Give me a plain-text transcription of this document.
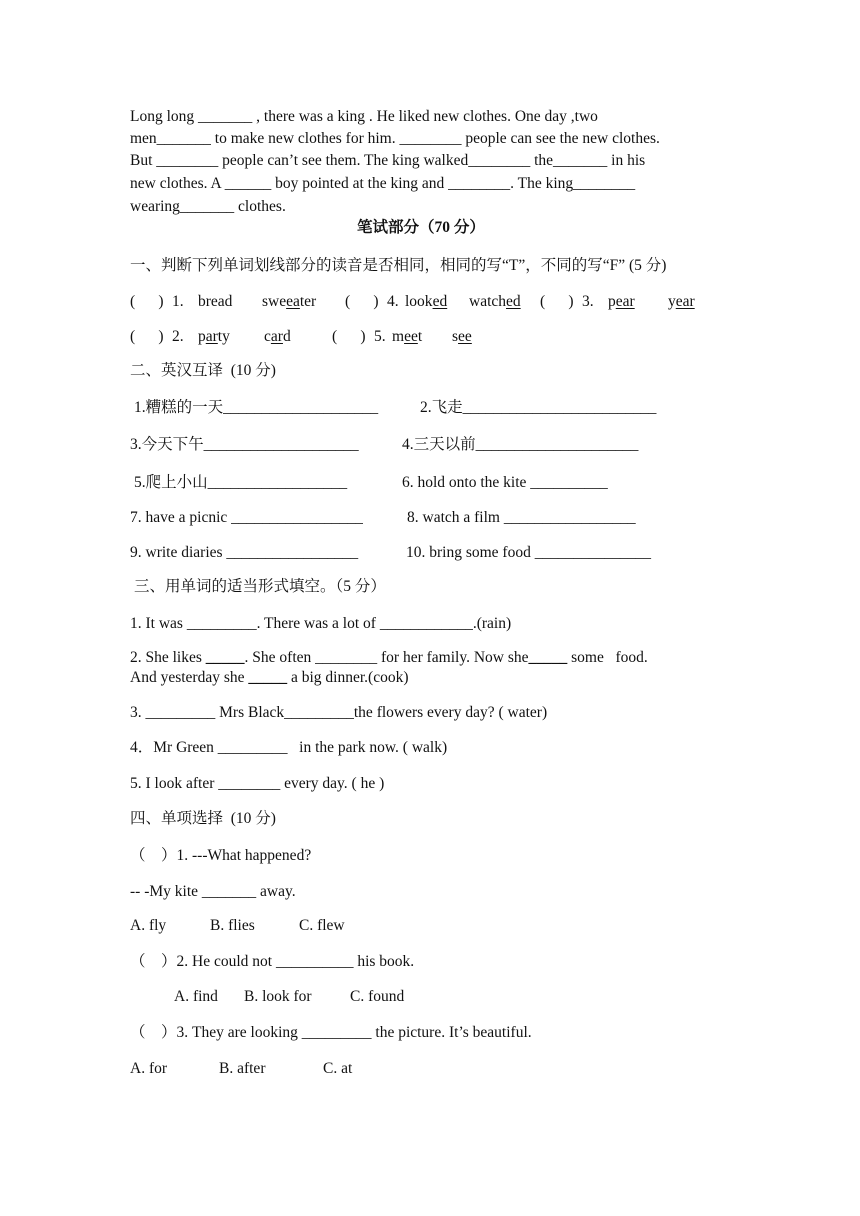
Long long _______ , there was a king . He liked new clothes. One day ,two
men_______ to make new clothes for him. ________ people can see the new clothes.
But ________ people can’t see them. The king walked________ the_______ in his
new clothes. A ______ boy pointed at the king and ________. The king________
wearing_______ clothes.
笔试部分（70 分）
一、判断下列单词划线部分的读音是否相同，相同的写“T”，不同的写“F” (5 分)
(      ) 1. bread sweeater (      ) 4. looked watched (      ) 3. pear year
(      ) 2. party card	(      ) 5. meet see
二、英汉互译  (10 分)
1.糟糕的一天____________________	2.飞走_________________________
3.今天下午____________________	4.三天以前_____________________
5.爬上小山__________________	6. hold onto the kite __________
7. have a picnic _________________	8. watch a film _________________
9. write diaries _________________	10. bring some food _______________
三、用单词的适当形式填空。（5 分）
1. It was _________. There was a lot of ____________.(rain)
2. She likes _____. She often ________ for her family. Now she_____ some   food.
And yesterday she _____ a big dinner.(cook)
3. _________ Mrs Black_________the flowers every day? ( water)
4．Mr Green _________   in the park now. ( walk)
5. I look after ________ every day. ( he )
四、单项选择  (10 分)
（    ）1. ---What happened?
-- -My kite _______ away.
A. fly	B. flies	C. flew
（    ）2. He could not __________ his book.
A. find B. look for C. found
（    ）3. They are looking _________ the picture. It’s beautiful.
A. for	B. after	C. at
